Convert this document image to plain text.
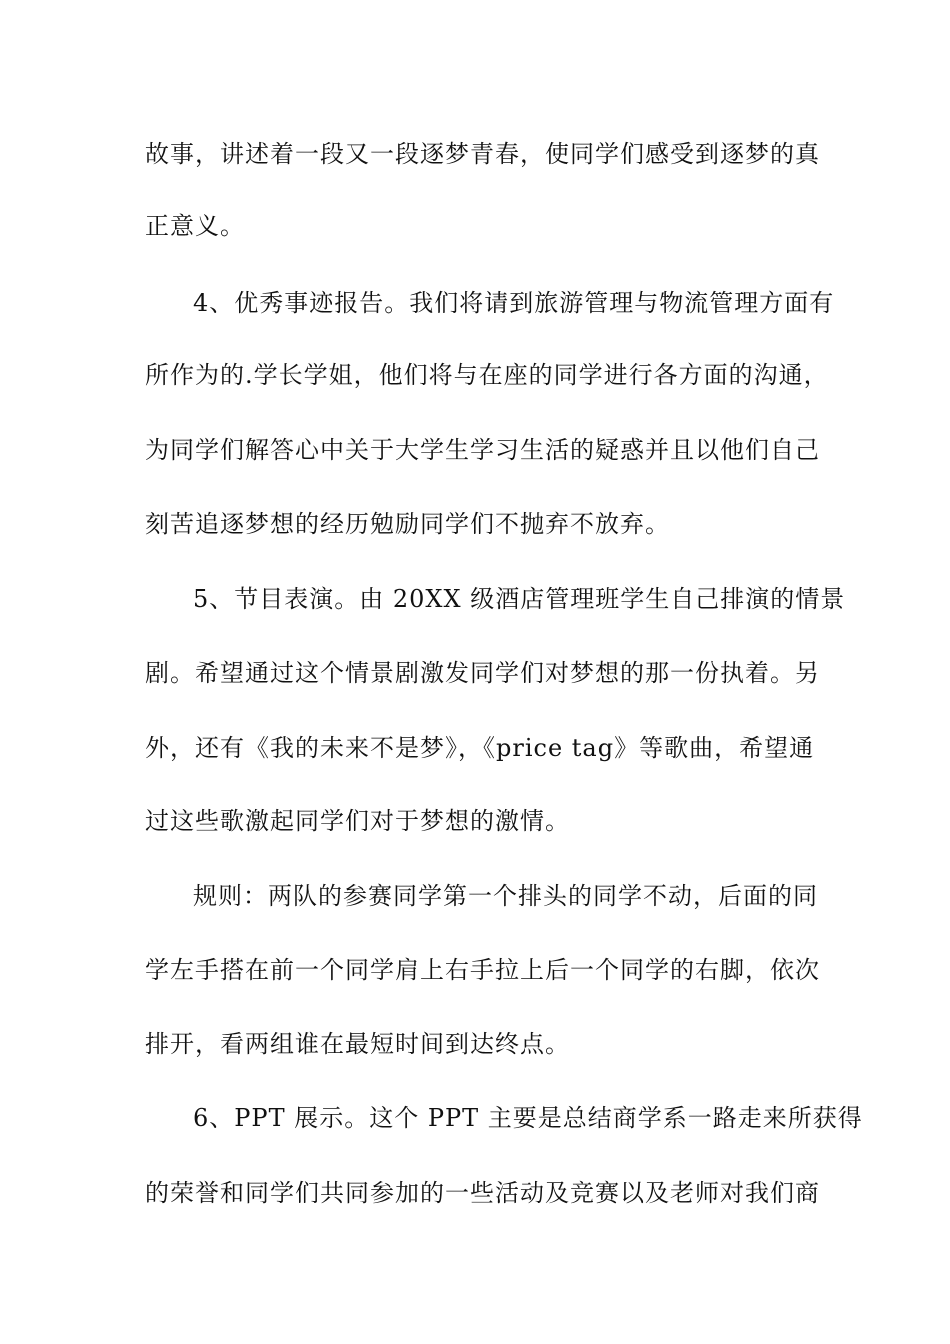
故事，讲述着一段又一段逐梦青春，使同学们感受到逐梦的真
正意义。
4、优秀事迹报告。我们将请到旅游管理与物流管理方面有
所作为的.学长学姐，他们将与在座的同学进行各方面的沟通，
为同学们解答心中关于大学生学习生活的疑惑并且以他们自己
刻苦追逐梦想的经历勉励同学们不抛弃不放弃。
5、节目表演。由 20XX 级酒店管理班学生自己排演的情景
剧。希望通过这个情景剧激发同学们对梦想的那一份执着。另
外，还有《我的未来不是梦》，《price tag》等歌曲，希望通
过这些歌激起同学们对于梦想的激情。
规则：两队的参赛同学第一个排头的同学不动，后面的同
学左手搭在前一个同学肩上右手拉上后一个同学的右脚，依次
排开，看两组谁在最短时间到达终点。
6、PPT 展示。这个 PPT 主要是总结商学系一路走来所获得
的荣誉和同学们共同参加的一些活动及竞赛以及老师对我们商
